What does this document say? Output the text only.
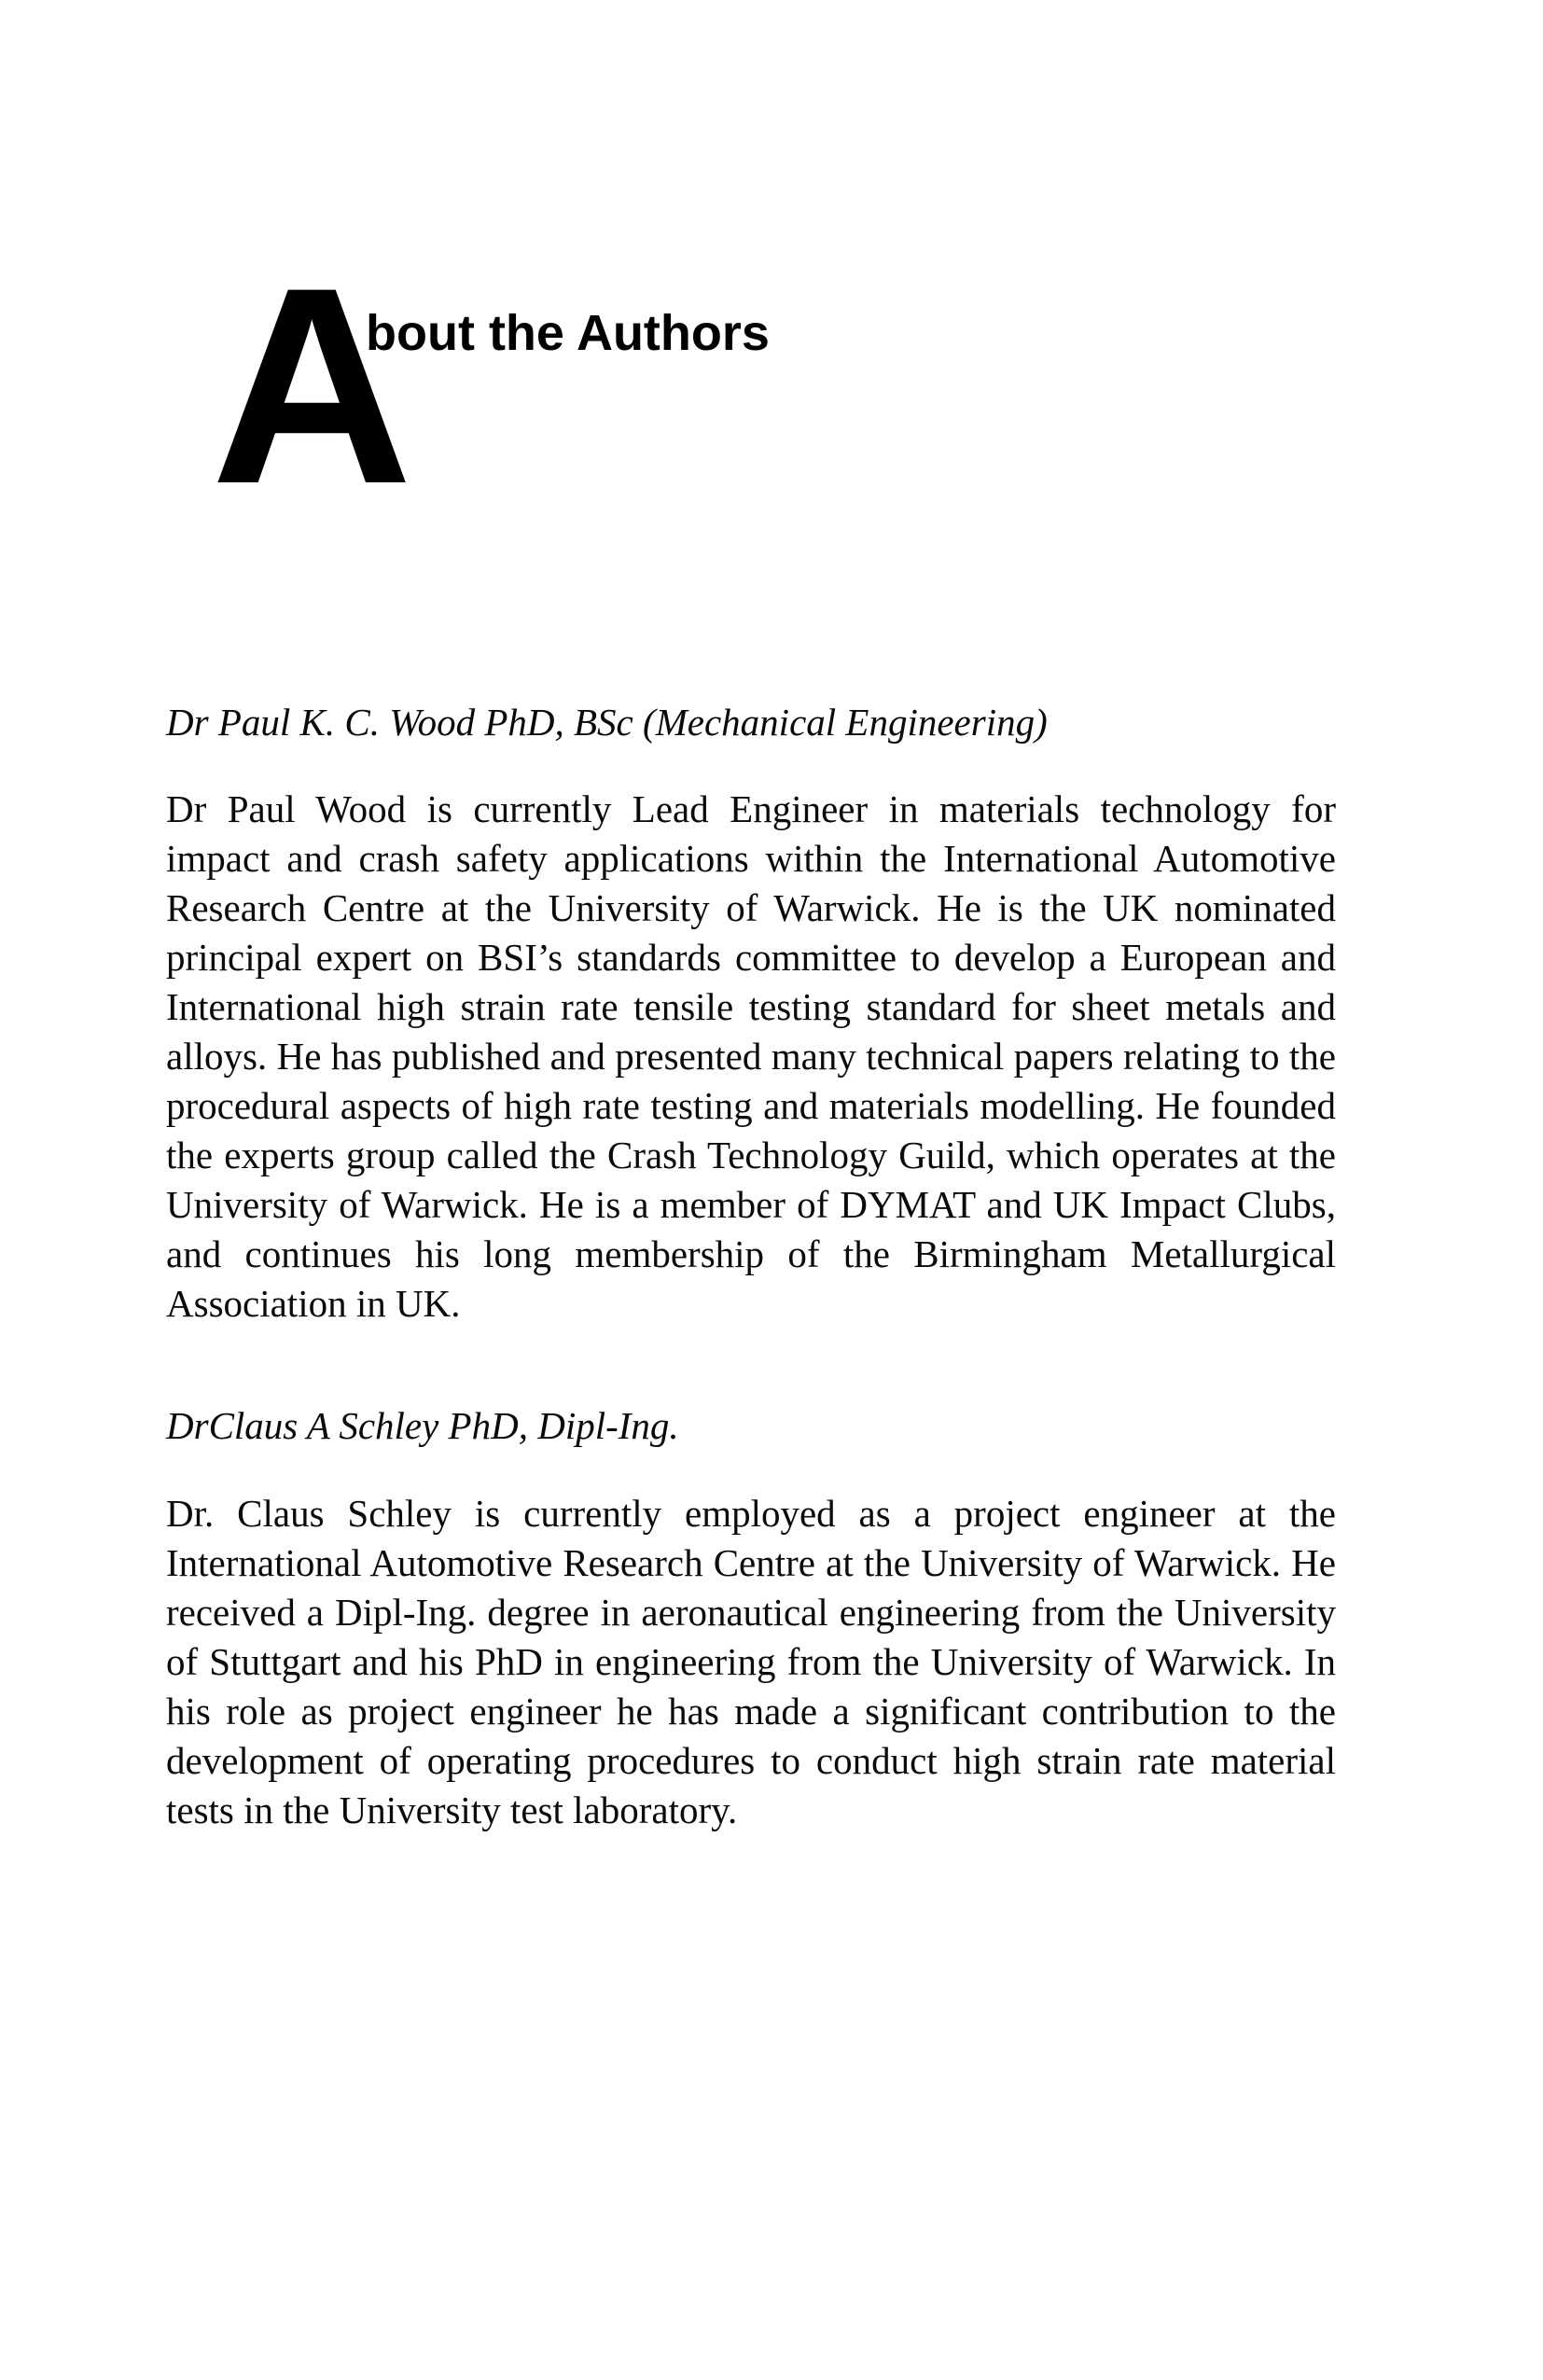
A
bout the Authors

Dr Paul K. C. Wood PhD, BSc (Mechanical Engineering)

Dr Paul Wood is currently Lead Engineer in materials technology for impact and crash safety applications within the International Automotive Research Centre at the University of Warwick. He is the UK nominated principal expert on BSI’s standards committee to develop a European and International high strain rate tensile testing standard for sheet metals and alloys. He has published and presented many technical papers relating to the procedural aspects of high rate testing and materials modelling. He founded the experts group called the Crash Technology Guild, which operates at the University of Warwick. He is a member of DYMAT and UK Impact Clubs, and continues his long membership of the Birmingham Metallurgical Association in UK.

DrClaus A Schley PhD, Dipl-Ing.

Dr. Claus Schley is currently employed as a project engineer at the International Automotive Research Centre at the University of Warwick. He received a Dipl-Ing. degree in aeronautical engineering from the University of Stuttgart and his PhD in engineering from the University of Warwick. In his role as project engineer he has made a significant contribution to the development of operating procedures to conduct high strain rate material tests in the University test laboratory.
